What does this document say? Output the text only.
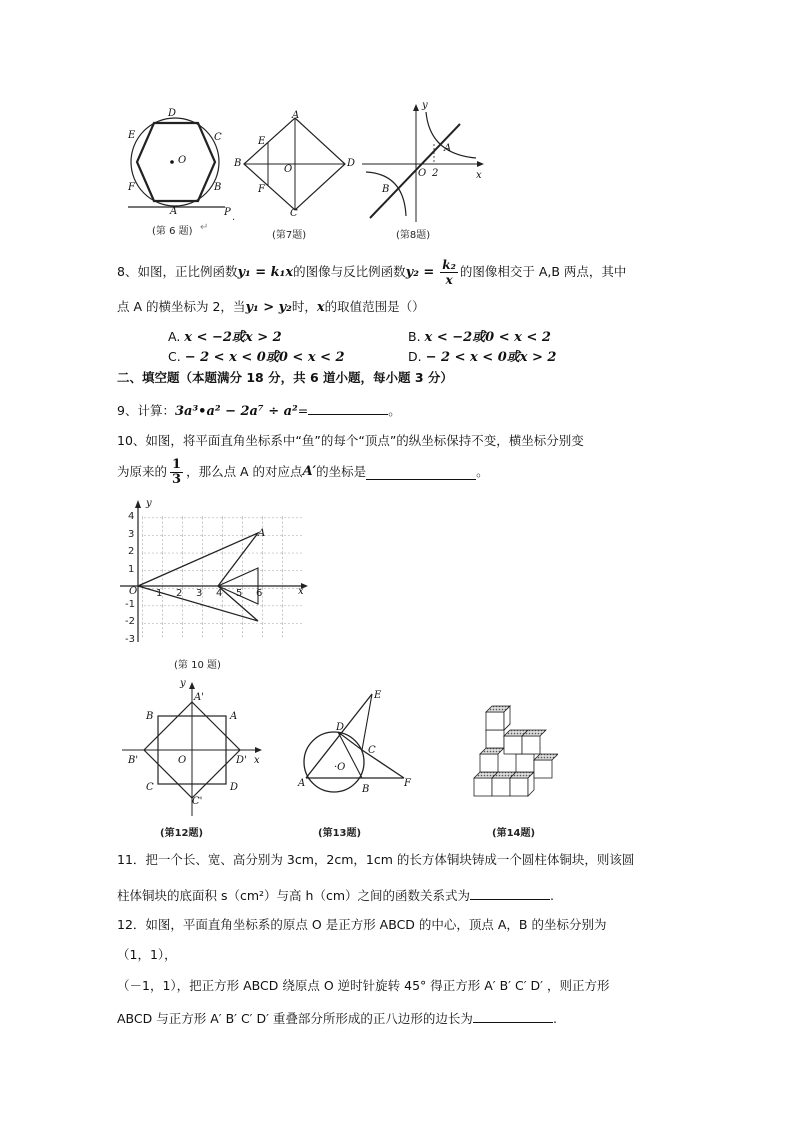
D
C
E
O
F	B
A	P .
(第 6 题) ↵
A
E
B
O
D
F
C
(第7题)
y
A
O 2	x
B
(第8题)
8、如图，正比例函数y₁ = k₁x的图像与反比例函数$y_2 = \frac{\text{k₂}}{x}$ 的图像相交于 A,B 两点，其中
点 A 的横坐标为 2，当y₁ > y₂时，x的取值范围是（）
A. x < −2或x > 2	B. x < −2或0 < x < 2
C. − 2 < x < 0或0 < x < 2	D. − 2 < x < 0或x > 2
二、填空题（本题满分 18 分，共 6 道小题，每小题 3 分）
9、计算：3a³•a² − 2a⁷ ÷ a²=	。
10、如图，将平面直角坐标系中“鱼”的每个“顶点”的纵坐标保持不变，横坐标分别变
为原来的 $\frac{1}{3}$ ，那么点 A 的对应点 A′ 的坐标是	。
y
x
A
O 1 2 3 4 5 6
4
3
2
1
-1
-2
-3
(第 10 题)
y
A'
B	A
B'	O	D' x
C	D
C'
(第12题)
E
D
C
·O
A
B
F
(第13题)	(第14题)
11．把一个长、宽、高分别为 3cm，2cm，1cm 的长方体铜块铸成一个圆柱体铜块，则该圆
柱体铜块的底面积 s（cm²）与高 h（cm）之间的函数关系式为	.
12．如图，平面直角坐标系的原点 O 是正方形 ABCD 的中心，顶点 A，B 的坐标分别为
（1，1），
（－1，1），把正方形 ABCD 绕原点 O 逆时针旋转 45° 得正方形 A′ B′ C′ D′ ，则正方形
ABCD 与正方形 A′ B′ C′ D′ 重叠部分所形成的正八边形的边长为	.
